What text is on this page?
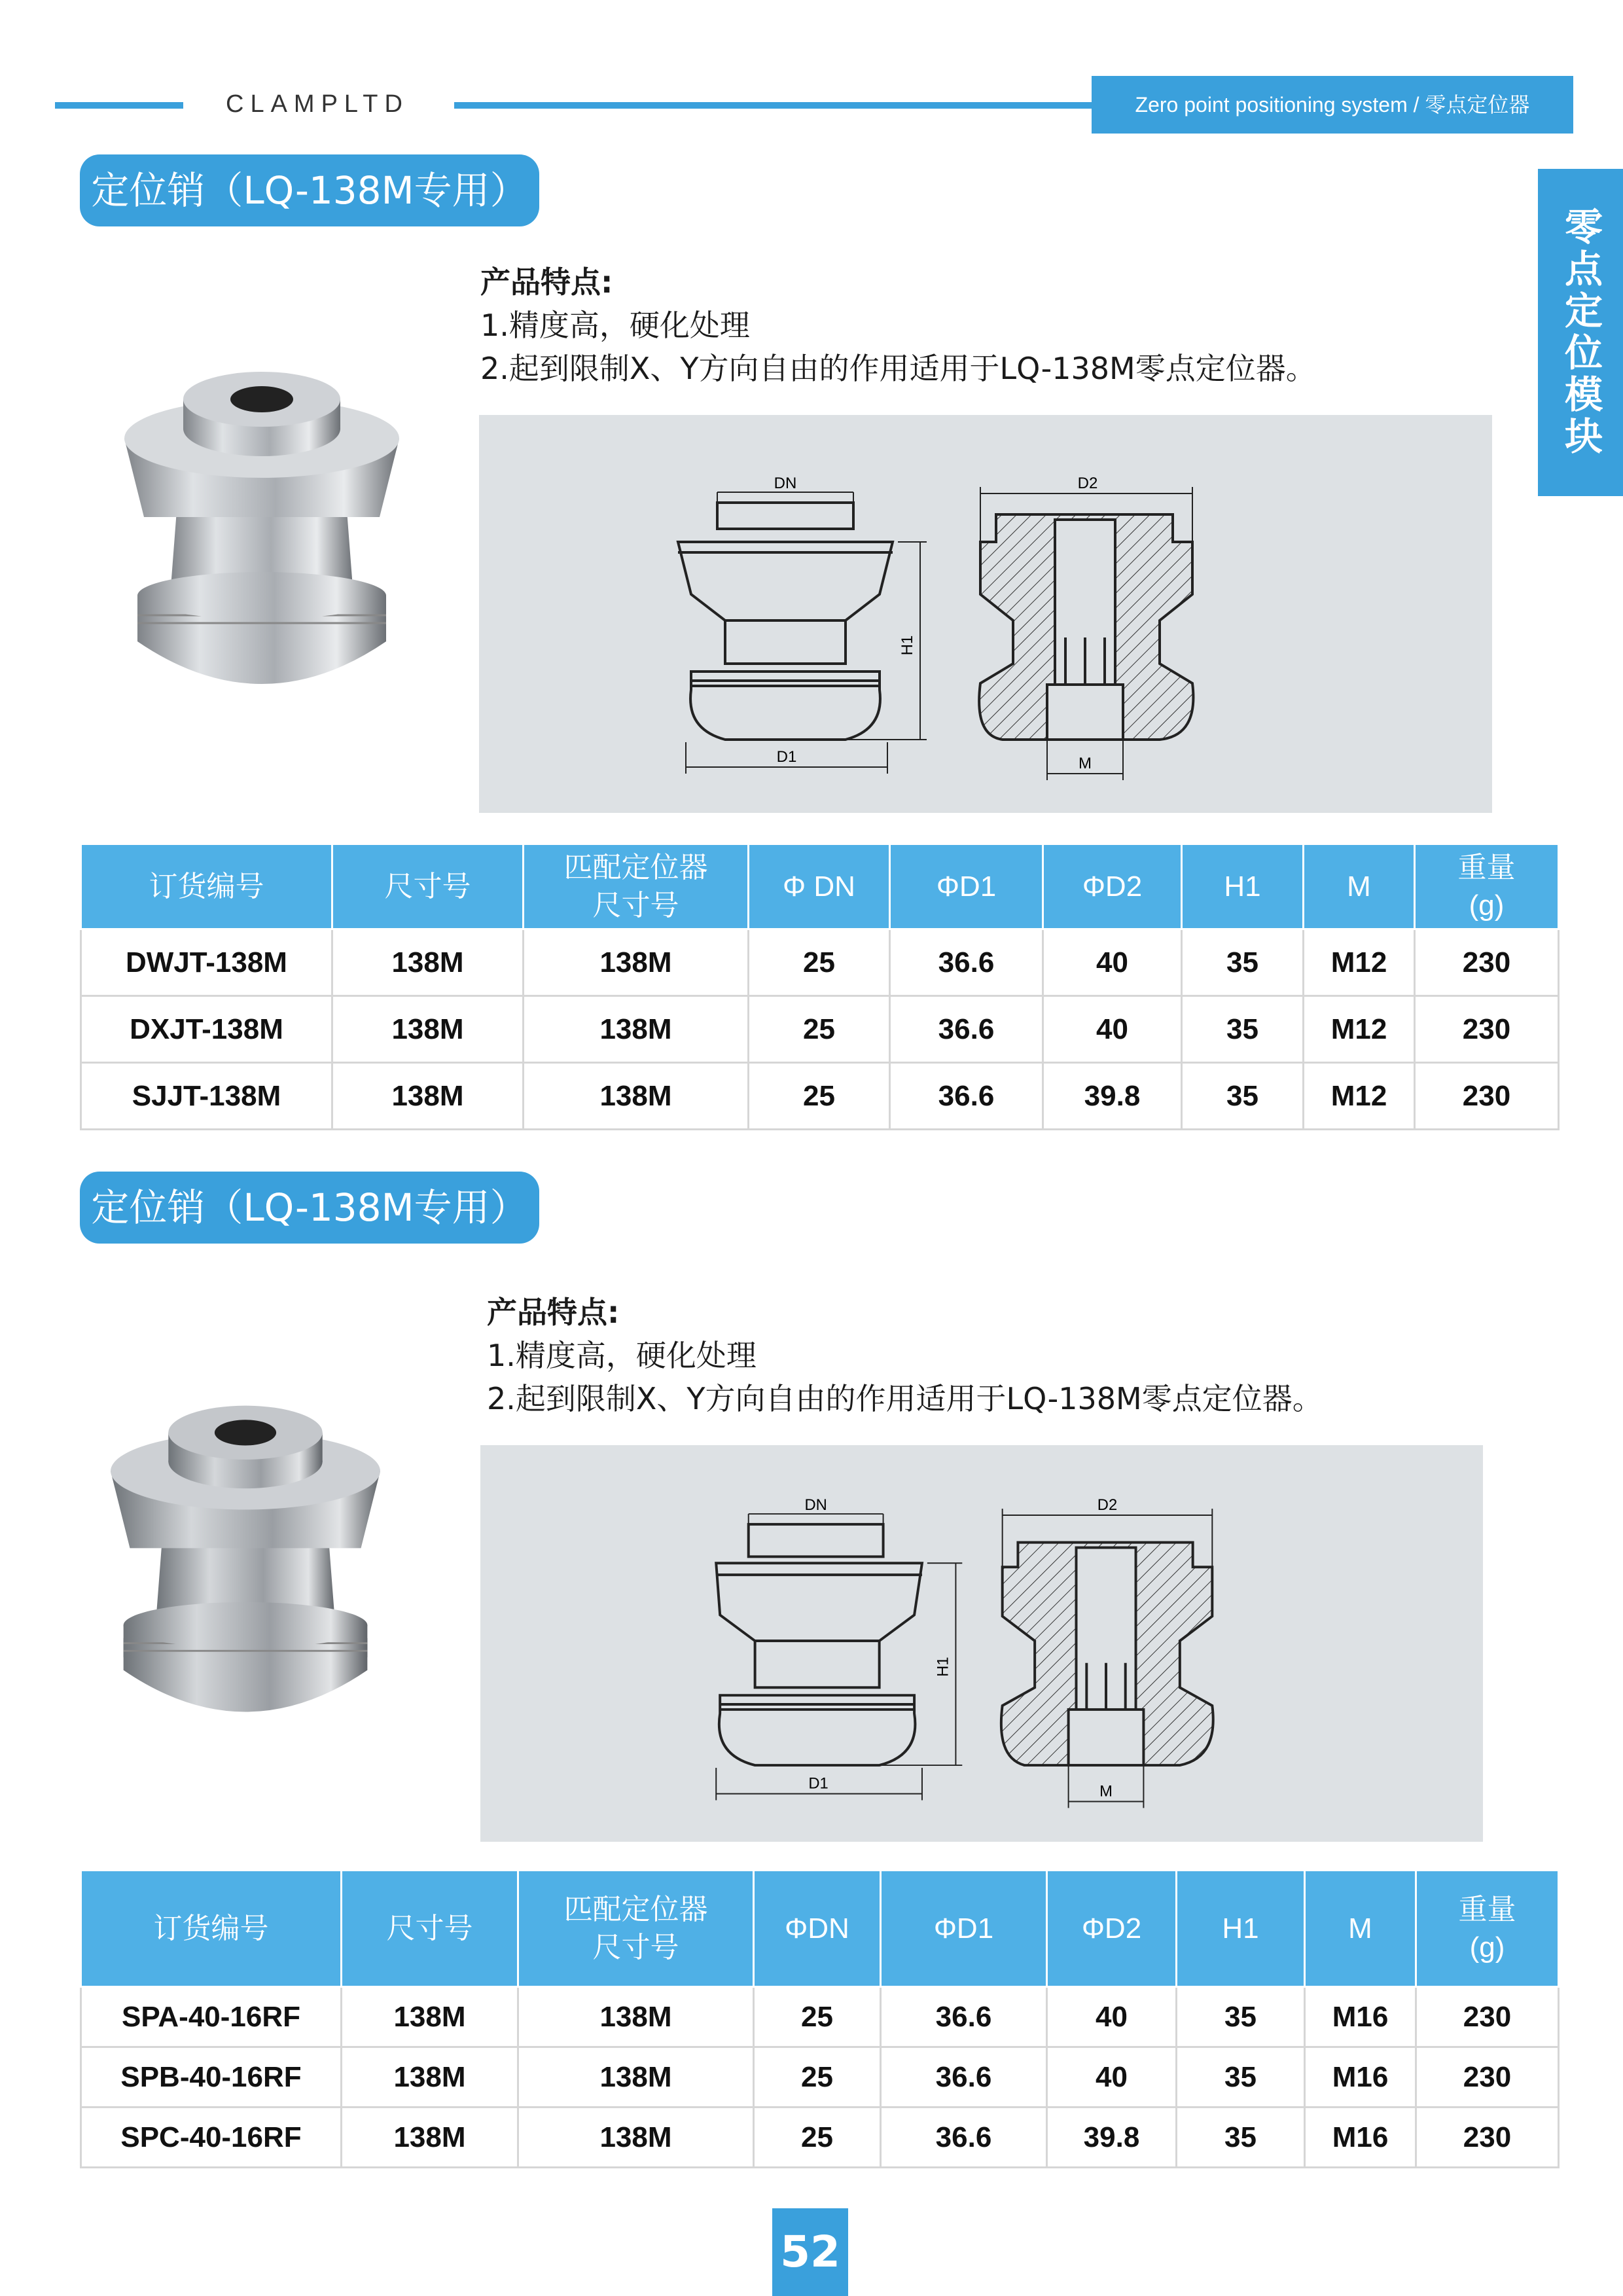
CLAMPLTD	Zero point positioning system / 零点定位器
零点定位模块
定位销（LQ-138M专用）
产品特点:
1.精度高，硬化处理
2.起到限制X、Y方向自由的作用适用于LQ-138M零点定位器。
DN
D1
H1
D2
M
订货编号	尺寸号	匹配定位器尺寸号	Φ DN	ΦD1	ΦD2	H1	M	重量(g)
DWJT-138M	138M	138M	25	36.6	40	35	M12	230
DXJT-138M	138M	138M	25	36.6	40	35	M12	230
SJJT-138M	138M	138M	25	36.6	39.8	35	M12	230
定位销（LQ-138M专用）
产品特点:
1.精度高，硬化处理
2.起到限制X、Y方向自由的作用适用于LQ-138M零点定位器。
DN
D1
H1
D2
M
订货编号	尺寸号	匹配定位器尺寸号	ΦDN	ΦD1	ΦD2	H1	M	重量(g)
SPA-40-16RF	138M	138M	25	36.6	40	35	M16	230
SPB-40-16RF	138M	138M	25	36.6	40	35	M16	230
SPC-40-16RF	138M	138M	25	36.6	39.8	35	M16	230
52
